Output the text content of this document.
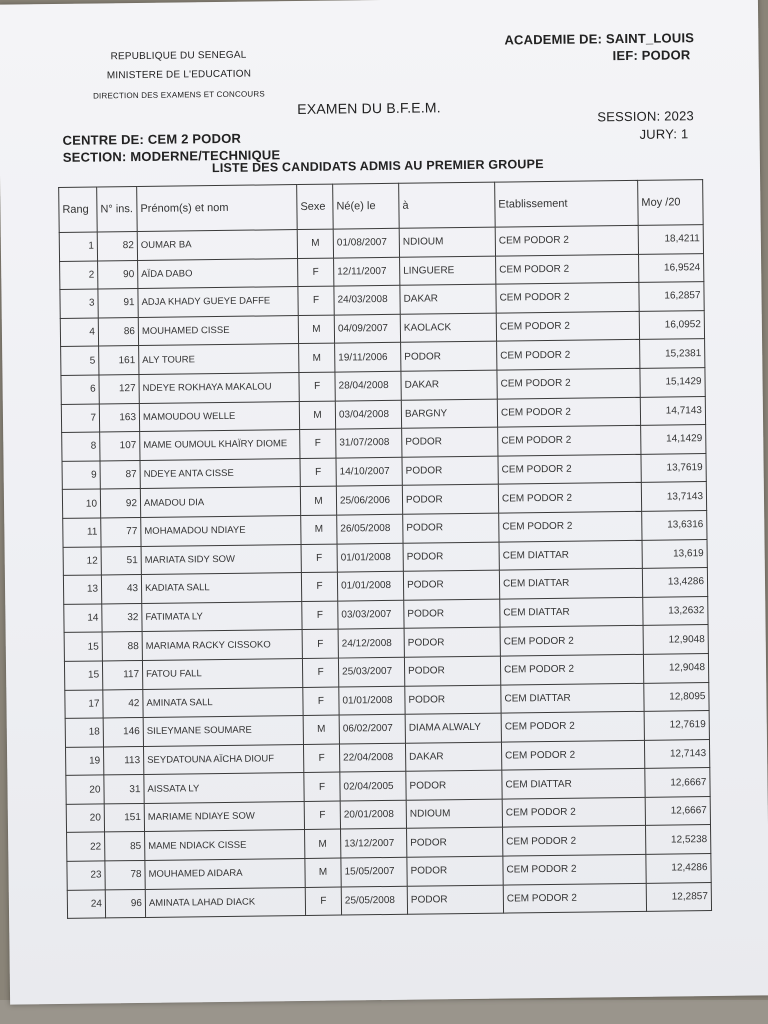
REPUBLIQUE DU SENEGAL
MINISTERE DE L'EDUCATION
DIRECTION DES EXAMENS ET CONCOURS
ACADEMIE DE: SAINT_LOUIS
IEF: PODOR
EXAMEN DU B.F.E.M.	SESSION: 2023
JURY: 1
CENTRE DE: CEM 2 PODOR
SECTION: MODERNE/TECHNIQUE
LISTE DES CANDIDATS ADMIS AU PREMIER GROUPE
Rang	N° ins.	Prénom(s) et nom	Sexe	Né(e) le	à	Etablissement	Moy /20
1	82	OUMAR BA	M	01/08/2007	NDIOUM	CEM PODOR 2	18,4211
2	90	AÏDA DABO	F	12/11/2007	LINGUERE	CEM PODOR 2	16,9524
3	91	ADJA KHADY GUEYE DAFFE	F	24/03/2008	DAKAR	CEM PODOR 2	16,2857
4	86	MOUHAMED CISSE	M	04/09/2007	KAOLACK	CEM PODOR 2	16,0952
5	161	ALY TOURE	M	19/11/2006	PODOR	CEM PODOR 2	15,2381
6	127	NDEYE ROKHAYA MAKALOU	F	28/04/2008	DAKAR	CEM PODOR 2	15,1429
7	163	MAMOUDOU WELLE	M	03/04/2008	BARGNY	CEM PODOR 2	14,7143
8	107	MAME OUMOUL KHAÏRY DIOME	F	31/07/2008	PODOR	CEM PODOR 2	14,1429
9	87	NDEYE ANTA CISSE	F	14/10/2007	PODOR	CEM PODOR 2	13,7619
10	92	AMADOU DIA	M	25/06/2006	PODOR	CEM PODOR 2	13,7143
11	77	MOHAMADOU NDIAYE	M	26/05/2008	PODOR	CEM PODOR 2	13,6316
12	51	MARIATA SIDY SOW	F	01/01/2008	PODOR	CEM DIATTAR	13,619
13	43	KADIATA SALL	F	01/01/2008	PODOR	CEM DIATTAR	13,4286
14	32	FATIMATA LY	F	03/03/2007	PODOR	CEM DIATTAR	13,2632
15	88	MARIAMA RACKY CISSOKO	F	24/12/2008	PODOR	CEM PODOR 2	12,9048
15	117	FATOU FALL	F	25/03/2007	PODOR	CEM PODOR 2	12,9048
17	42	AMINATA SALL	F	01/01/2008	PODOR	CEM DIATTAR	12,8095
18	146	SILEYMANE SOUMARE	M	06/02/2007	DIAMA ALWALY	CEM PODOR 2	12,7619
19	113	SEYDATOUNA AÏCHA DIOUF	F	22/04/2008	DAKAR	CEM PODOR 2	12,7143
20	31	AISSATA LY	F	02/04/2005	PODOR	CEM DIATTAR	12,6667
20	151	MARIAME NDIAYE SOW	F	20/01/2008	NDIOUM	CEM PODOR 2	12,6667
22	85	MAME NDIACK CISSE	M	13/12/2007	PODOR	CEM PODOR 2	12,5238
23	78	MOUHAMED AIDARA	M	15/05/2007	PODOR	CEM PODOR 2	12,4286
24	96	AMINATA LAHAD DIACK	F	25/05/2008	PODOR	CEM PODOR 2	12,2857
